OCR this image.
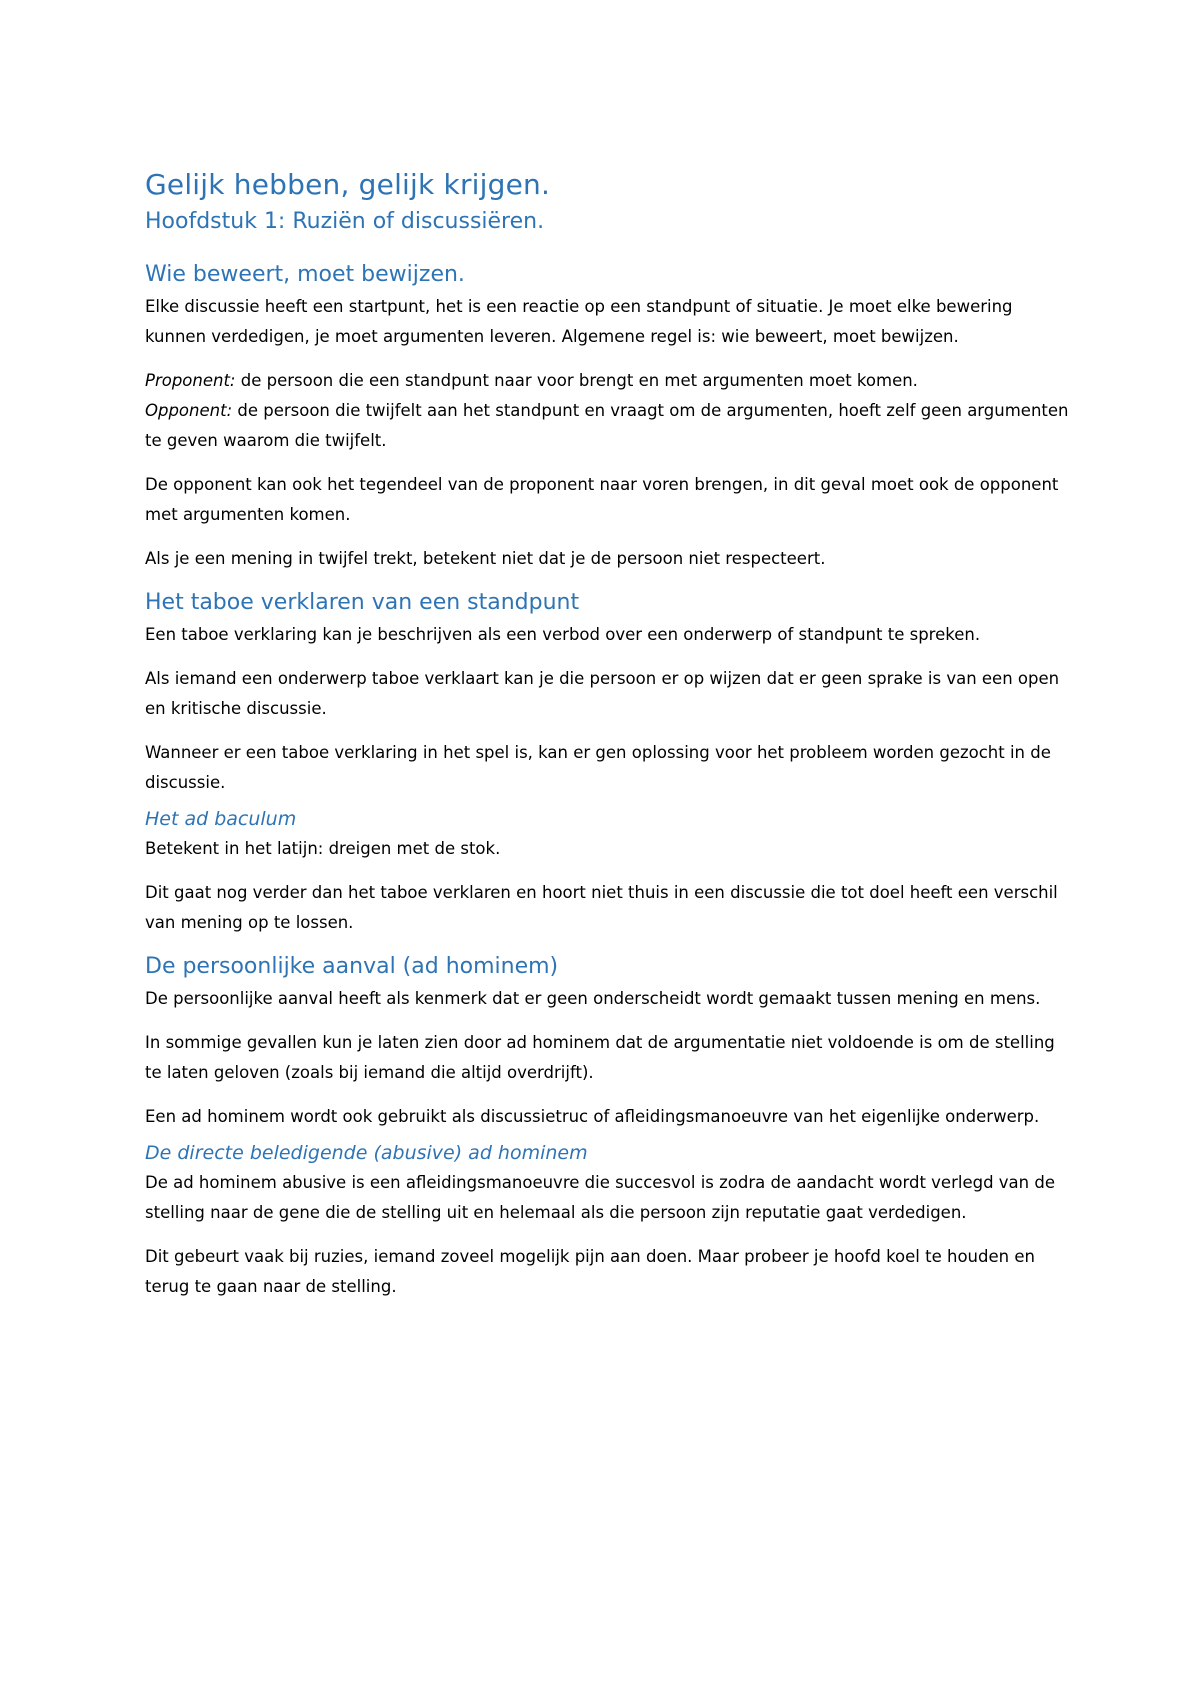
Gelijk hebben, gelijk krijgen.
Hoofdstuk 1: Ruziën of discussiëren.
Wie beweert, moet bewijzen.

Elke discussie heeft een startpunt, het is een reactie op een standpunt of situatie. Je moet elke bewering kunnen verdedigen, je moet argumenten leveren. Algemene regel is: wie beweert, moet bewijzen.

Proponent: de persoon die een standpunt naar voor brengt en met argumenten moet komen.
Opponent: de persoon die twijfelt aan het standpunt en vraagt om de argumenten, hoeft zelf geen argumenten te geven waarom die twijfelt.

De opponent kan ook het tegendeel van de proponent naar voren brengen, in dit geval moet ook de opponent met argumenten komen.

Als je een mening in twijfel trekt, betekent niet dat je de persoon niet respecteert.

Het taboe verklaren van een standpunt

Een taboe verklaring kan je beschrijven als een verbod over een onderwerp of standpunt te spreken.

Als iemand een onderwerp taboe verklaart kan je die persoon er op wijzen dat er geen sprake is van een open en kritische discussie.

Wanneer er een taboe verklaring in het spel is, kan er gen oplossing voor het probleem worden gezocht in de discussie.

Het ad baculum

Betekent in het latijn: dreigen met de stok.

Dit gaat nog verder dan het taboe verklaren en hoort niet thuis in een discussie die tot doel heeft een verschil van mening op te lossen.

De persoonlijke aanval (ad hominem)

De persoonlijke aanval heeft als kenmerk dat er geen onderscheidt wordt gemaakt tussen mening en mens.

In sommige gevallen kun je laten zien door ad hominem dat de argumentatie niet voldoende is om de stelling te laten geloven (zoals bij iemand die altijd overdrijft).

Een ad hominem wordt ook gebruikt als discussietruc of afleidingsmanoeuvre van het eigenlijke onderwerp.

De directe beledigende (abusive) ad hominem

De ad hominem abusive is een afleidingsmanoeuvre die succesvol is zodra de aandacht wordt verlegd van de stelling naar de gene die de stelling uit en helemaal als die persoon zijn reputatie gaat verdedigen.

Dit gebeurt vaak bij ruzies, iemand zoveel mogelijk pijn aan doen. Maar probeer je hoofd koel te houden en terug te gaan naar de stelling.
